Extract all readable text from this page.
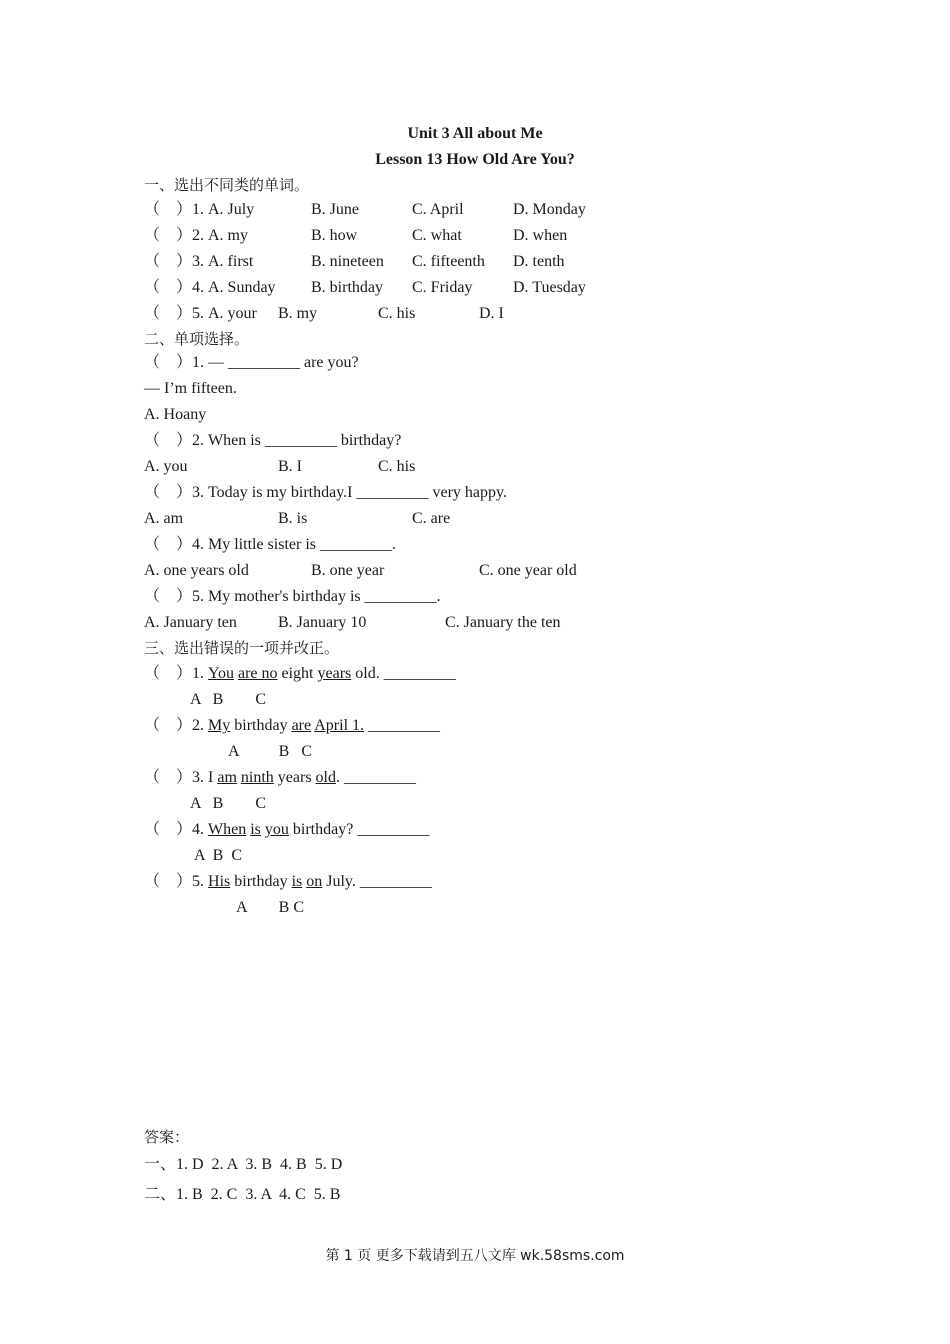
Unit 3 All about Me
Lesson 13 How Old Are You?
一、选出不同类的单词。
（　）1. A. July	B. June	C. April	D. Monday
（　）2. A. my	B. how	C. what	D. when
（　）3. A. first	B. nineteen C. fifteenth D. tenth
（　）4. A. Sunday B. birthday C. Friday	D. Tuesday
（　）5. A. your B. my	C. his	D. I
二、单项选择。
（　）1. — _________ are you?
— I’m fifteen.
A. Hoany
（　）2. When is _________ birthday?
A. you	B. I	C. his
（　）3. Today is my birthday.I _________ very happy.
A. am	B. is	C. are
（　）4. My little sister is _________.
A. one years old	B. one year	C. one year old
（　）5. My mother's birthday is _________.
A. January ten	B. January 10	C. January the ten
三、选出错误的一项并改正。
（　）1. You are no eight years old. _________
A   B        C
（　）2. My birthday are April 1. _________
A          B   C
（　）3. I am ninth years old. _________
A   B        C
（　）4. When is you birthday? _________
A  B  C
（　）5. His birthday is on July. _________
A        B C
答案：
一、1. D  2. A  3. B  4. B  5. D
二、1. B  2. C  3. A  4. C  5. B
第 1 页 更多下载请到五八文库 wk.58sms.com
